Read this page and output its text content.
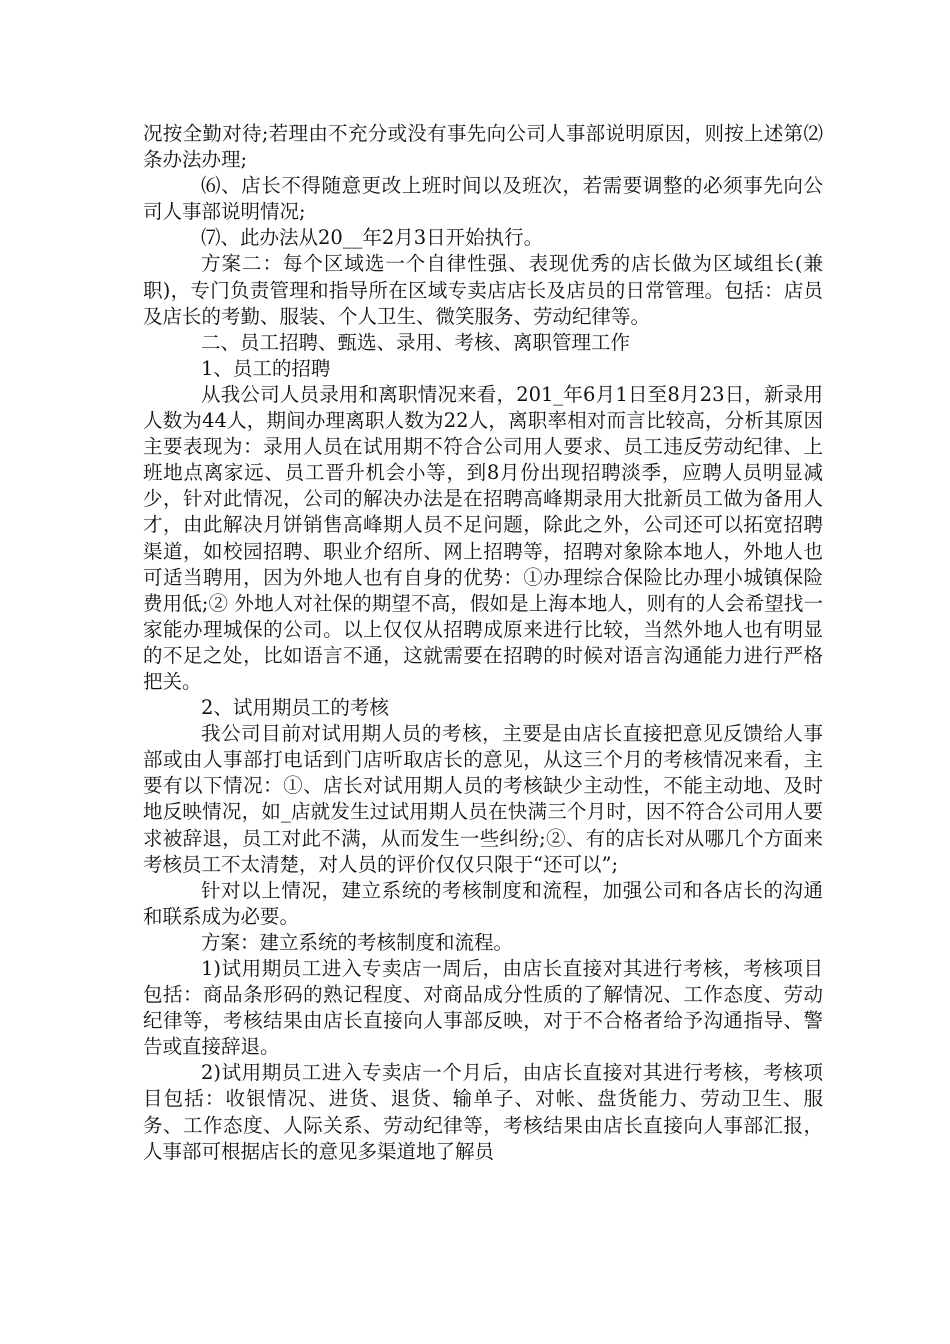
况按全勤对待;若理由不充分或没有事先向公司人事部说明原因，则按上述第⑵条办法办理;

⑹、店长不得随意更改上班时间以及班次，若需要调整的必须事先向公司人事部说明情况;

⑺、此办法从20__年2月3日开始执行。

方案二：每个区域选一个自律性强、表现优秀的店长做为区域组长(兼职)，专门负责管理和指导所在区域专卖店店长及店员的日常管理。包括：店员及店长的考勤、服装、个人卫生、微笑服务、劳动纪律等。

二、员工招聘、甄选、录用、考核、离职管理工作

1、员工的招聘

从我公司人员录用和离职情况来看，201_年6月1日至8月23日，新录用人数为44人，期间办理离职人数为22人，离职率相对而言比较高，分析其原因主要表现为：录用人员在试用期不符合公司用人要求、员工违反劳动纪律、上班地点离家远、员工晋升机会小等，到8月份出现招聘淡季，应聘人员明显减少，针对此情况，公司的解决办法是在招聘高峰期录用大批新员工做为备用人才，由此解决月饼销售高峰期人员不足问题，除此之外，公司还可以拓宽招聘渠道，如校园招聘、职业介绍所、网上招聘等，招聘对象除本地人，外地人也可适当聘用，因为外地人也有自身的优势：①办理综合保险比办理小城镇保险费用低;② 外地人对社保的期望不高，假如是上海本地人，则有的人会希望找一家能办理城保的公司。以上仅仅从招聘成原来进行比较，当然外地人也有明显的不足之处，比如语言不通，这就需要在招聘的时候对语言沟通能力进行严格把关。

2、试用期员工的考核

我公司目前对试用期人员的考核，主要是由店长直接把意见反馈给人事部或由人事部打电话到门店听取店长的意见，从这三个月的考核情况来看，主要有以下情况：①、店长对试用期人员的考核缺少主动性，不能主动地、及时地反映情况，如_店就发生过试用期人员在快满三个月时，因不符合公司用人要求被辞退，员工对此不满，从而发生一些纠纷;②、有的店长对从哪几个方面来考核员工不太清楚，对人员的评价仅仅只限于“还可以”;

针对以上情况，建立系统的考核制度和流程，加强公司和各店长的沟通和联系成为必要。

方案：建立系统的考核制度和流程。

1)试用期员工进入专卖店一周后，由店长直接对其进行考核，考核项目包括：商品条形码的熟记程度、对商品成分性质的了解情况、工作态度、劳动纪律等，考核结果由店长直接向人事部反映，对于不合格者给予沟通指导、警告或直接辞退。

2)试用期员工进入专卖店一个月后，由店长直接对其进行考核，考核项目包括：收银情况、进货、退货、输单子、对帐、盘货能力、劳动卫生、服务、工作态度、人际关系、劳动纪律等，考核结果由店长直接向人事部汇报，人事部可根据店长的意见多渠道地了解员
